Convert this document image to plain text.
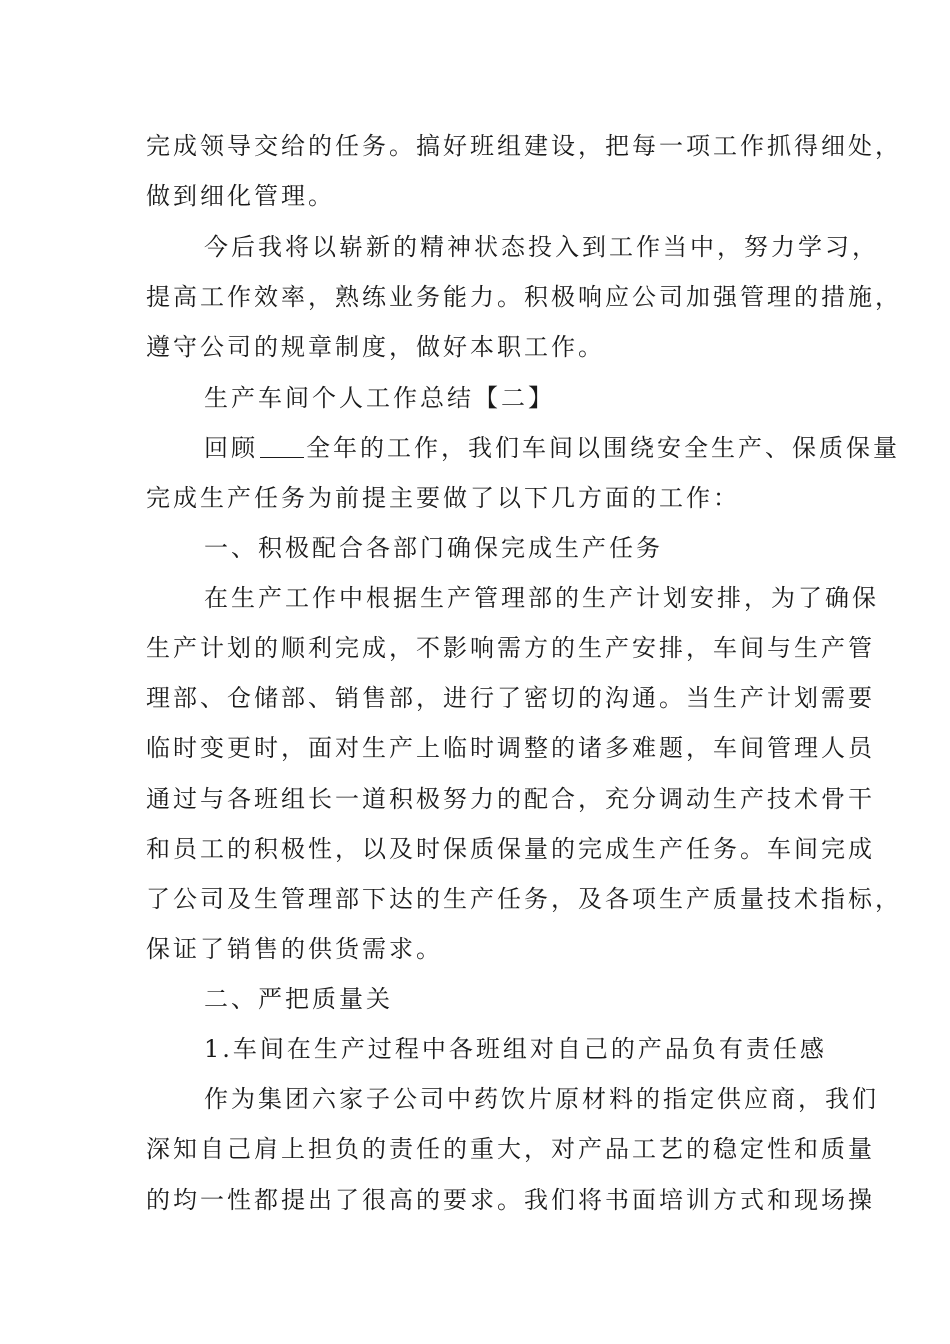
完成领导交给的任务。搞好班组建设，把每一项工作抓得细处，
做到细化管理。
今后我将以崭新的精神状态投入到工作当中，努力学习，
提高工作效率，熟练业务能力。积极响应公司加强管理的措施，
遵守公司的规章制度，做好本职工作。
生产车间个人工作总结【二】
回顾 全年的工作，我们车间以围绕安全生产、保质保量
完成生产任务为前提主要做了以下几方面的工作：
一、积极配合各部门确保完成生产任务
在生产工作中根据生产管理部的生产计划安排，为了确保
生产计划的顺利完成，不影响需方的生产安排，车间与生产管
理部、仓储部、销售部，进行了密切的沟通。当生产计划需要
临时变更时，面对生产上临时调整的诸多难题，车间管理人员
通过与各班组长一道积极努力的配合，充分调动生产技术骨干
和员工的积极性，以及时保质保量的完成生产任务。车间完成
了公司及生管理部下达的生产任务，及各项生产质量技术指标，
保证了销售的供货需求。
二、严把质量关
1.车间在生产过程中各班组对自己的产品负有责任感
作为集团六家子公司中药饮片原材料的指定供应商，我们
深知自己肩上担负的责任的重大，对产品工艺的稳定性和质量
的均一性都提出了很高的要求。我们将书面培训方式和现场操
